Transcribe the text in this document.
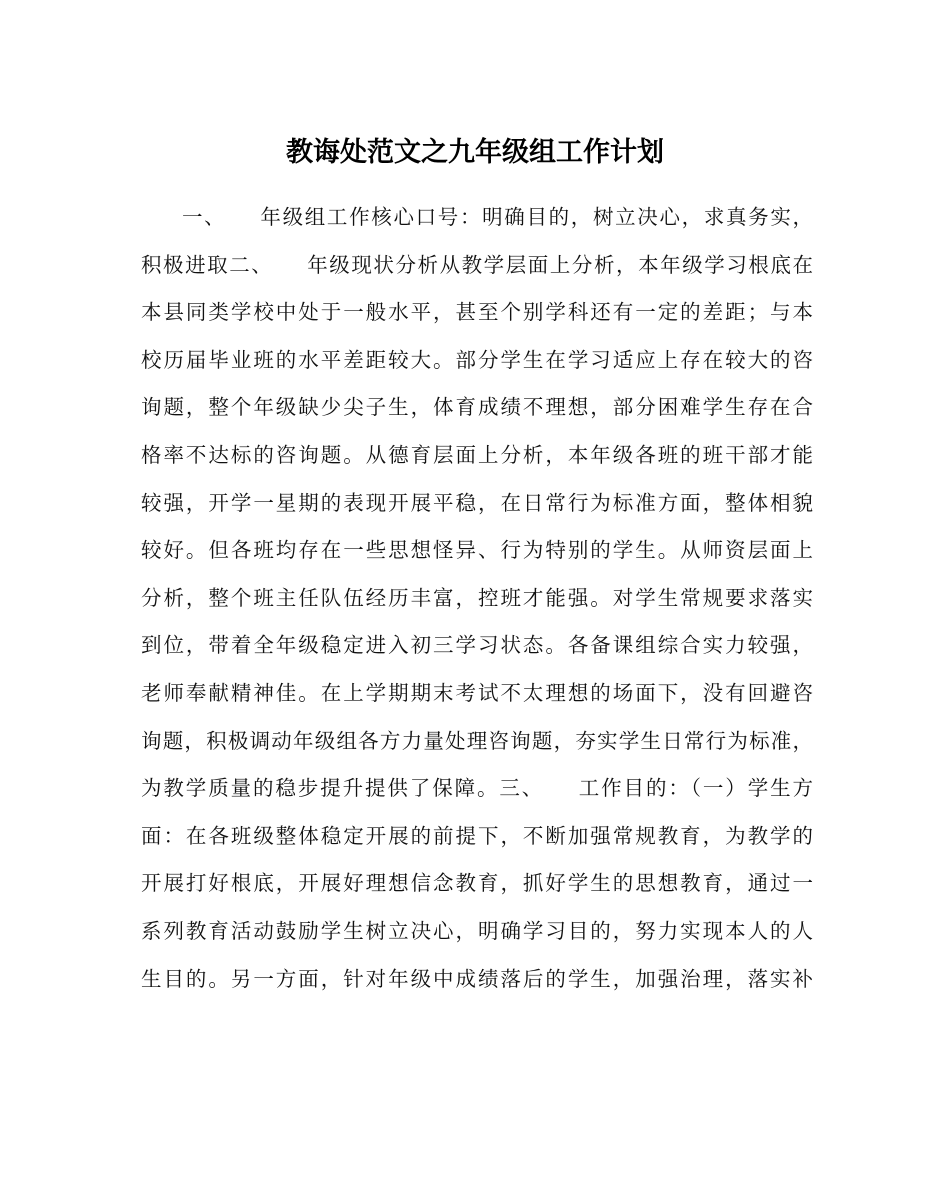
教诲处范文之九年级组工作计划
一、　　年级组工作核心口号：明确目的，树立决心，求真务实，
积极进取二、　　年级现状分析从教学层面上分析，本年级学习根底在
本县同类学校中处于一般水平，甚至个别学科还有一定的差距；与本
校历届毕业班的水平差距较大。部分学生在学习适应上存在较大的咨
询题，整个年级缺少尖子生，体育成绩不理想，部分困难学生存在合
格率不达标的咨询题。从德育层面上分析，本年级各班的班干部才能
较强，开学一星期的表现开展平稳，在日常行为标准方面，整体相貌
较好。但各班均存在一些思想怪异、行为特别的学生。从师资层面上
分析，整个班主任队伍经历丰富，控班才能强。对学生常规要求落实
到位，带着全年级稳定进入初三学习状态。各备课组综合实力较强，
老师奉献精神佳。在上学期期末考试不太理想的场面下，没有回避咨
询题，积极调动年级组各方力量处理咨询题，夯实学生日常行为标准，
为教学质量的稳步提升提供了保障。三、　　工作目的：（一）学生方
面：在各班级整体稳定开展的前提下，不断加强常规教育，为教学的
开展打好根底，开展好理想信念教育，抓好学生的思想教育，通过一
系列教育活动鼓励学生树立决心，明确学习目的，努力实现本人的人
生目的。另一方面，针对年级中成绩落后的学生，加强治理，落实补
